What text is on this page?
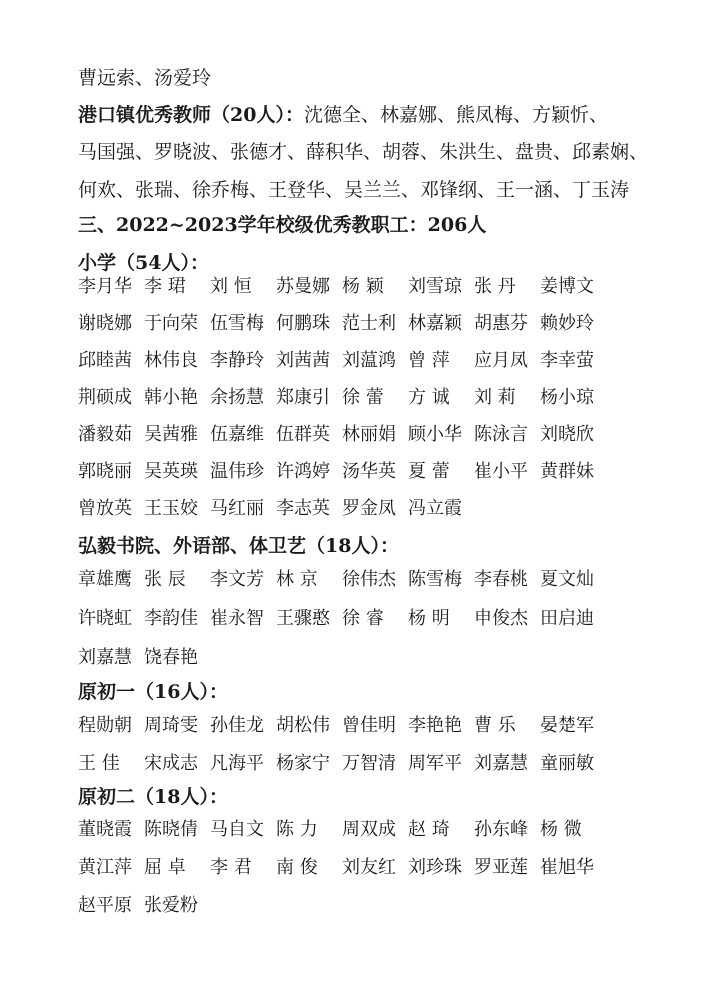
曹远索、汤爱玲
港口镇优秀教师（20人）：沈德全、林嘉娜、熊凤梅、方颖忻、
马国强、罗晓波、张德才、薛积华、胡蓉、朱洪生、盘贵、邱素娴、
何欢、张瑞、徐乔梅、王登华、吴兰兰、邓锋纲、王一涵、丁玉涛
三、2022~2023学年校级优秀教职工：206人
小学（54人）：
李月华 李 珺	刘 恒	苏曼娜 杨 颖	刘雪琼 张 丹	姜博文
谢晓娜 于向荣 伍雪梅 何鹏珠 范士利 林嘉颖 胡惠芬 赖妙玲
邱睦茜 林伟良 李静玲 刘茜茜 刘蕰鸿 曾 萍	应月凤 李幸萤
荆硕成 韩小艳 余扬慧 郑康引 徐 蕾	方 诚	刘 莉	杨小琼
潘毅茹 吴茜雅 伍嘉维 伍群英 林丽娟 顾小华 陈泳言 刘晓欣
郭晓丽 吴英瑛 温伟珍 许鸿婷 汤华英 夏 蕾	崔小平 黄群妹
曾放英 王玉姣 马红丽 李志英 罗金凤 冯立霞
弘毅书院、外语部、体卫艺（18人）：
章雄鹰 张 辰	李文芳 林 京	徐伟杰 陈雪梅 李春桃 夏文灿
许晓虹 李韵佳 崔永智 王骤憨 徐 睿	杨 明	申俊杰 田启迪
刘嘉慧 饶春艳
原初一（16人）：
程勋朝 周琦雯 孙佳龙 胡松伟 曾佳明 李艳艳 曹 乐	晏楚军
王 佳	宋成志 凡海平 杨家宁 万智清 周军平 刘嘉慧 童丽敏
原初二（18人）：
董晓霞 陈晓倩 马自文 陈 力	周双成 赵 琦	孙东峰 杨 微
黄江萍 屈 卓	李 君	南 俊	刘友红 刘珍珠 罗亚莲 崔旭华
赵平原 张爱粉
